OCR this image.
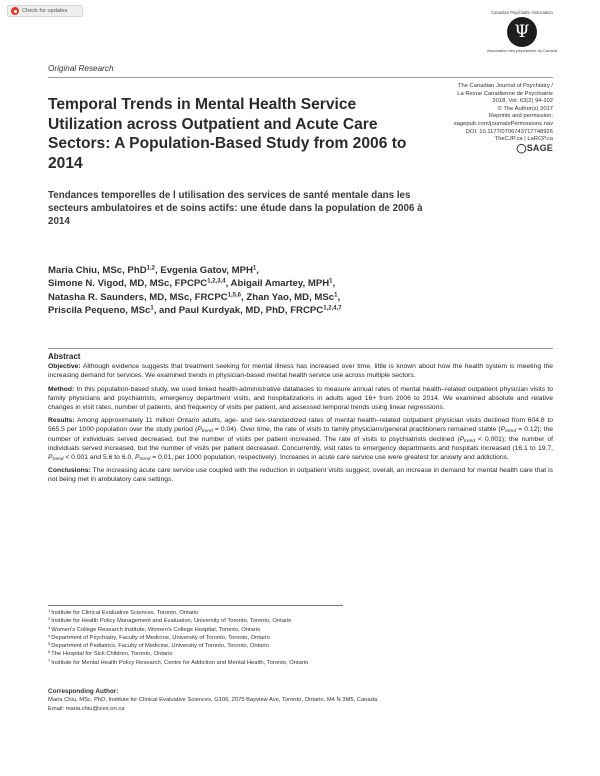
Check for updates	Canadian Psychiatric Association
Ψ
Association des psychiatres du Canada
Original Research
The Canadian Journal of Psychiatry /
La Revue Canadienne de Psychiatrie
2018, Vol. 63(2) 94-102
© The Author(s) 2017
Reprints and permission:
sagepub.com/journalsPermissions.nav
DOI: 10.1177/0706743717748926
TheCJP.ca | LaRCP.ca
◯SAGE
Temporal Trends in Mental Health Service Utilization across Outpatient and Acute Care Sectors: A Population-Based Study from 2006 to 2014
Tendances temporelles de l utilisation des services de santé mentale dans les secteurs ambulatoires et de soins actifs: une étude dans la population de 2006 à 2014
Maria Chiu, MSc, PhD$^{1,2}$, Evgenia Gatov, MPH$^1$,
Simone N. Vigod, MD, MSc, FPCPC$^{1,2,3,4}$, Abigail Amartey, MPH$^1$,
Natasha R. Saunders, MD, MSc, FRCPC$^{1,5,6}$, Zhan Yao, MD, MSc$^1$,
Priscila Pequeno, MSc$^1$, and Paul Kurdyak, MD, PhD, FRCPC$^{1,2,4,7}$

Abstract

Objective: Although evidence suggests that treatment seeking for mental illness has increased over time, little is known about how the health system is meeting the increasing demand for services. We examined trends in physician-based mental health service use across multiple sectors.

Method: In this population-based study, we used linked health-administrative databases to measure annual rates of mental health–related outpatient physician visits to family physicians and psychiatrists, emergency department visits, and hospitalizations in adults aged 16+ from 2006 to 2014. We examined absolute and relative changes in visit rates, number of patients, and frequency of visits per patient, and assessed temporal trends using linear regressions.

Results: Among approximately 11 million Ontario adults, age- and sex-standardized rates of mental health–related outpatient physician visits declined from 604.8 to 565.5 per 1000 population over the study period $(P_{trend} = 0.04)$. Over time, the rate of visits to family physicians/general practitioners remained stable $(P_{trend} = 0.12)$; the number of individuals served decreased, but the number of visits per patient increased. The rate of visits to psychiatrists declined $(P_{trend} < 0.001)$; the number of individuals served increased, but the number of visits per patient decreased. Concurrently, visit rates to emergency departments and hospitals increased (16.1 to 19.7, $P_{trend} < 0.001$ and 5.6 to 6.0, $P_{trend} = 0.01$, per 1000 population, respectively). Increases in acute care service use were greatest for anxiety and addictions.

Conclusions: The increasing acute care service use coupled with the reduction in outpatient visits suggest, overall, an increase in demand for mental health care that is not being met in ambulatory care settings.

$^1$Institute for Clinical Evaluative Sciences, Toronto, Ontario
$^2$Institute for Health Policy Management and Evaluation, University of Toronto, Toronto, Ontario
$^3$Women's College Research Institute, Women's College Hospital, Toronto, Ontario
$^4$Department of Psychiatry, Faculty of Medicine, University of Toronto, Toronto, Ontario
$^5$Department of Pediatrics, Faculty of Medicine, University of Toronto, Toronto, Ontario
$^6$The Hospital for Sick Children, Toronto, Ontario
$^7$Institute for Mental Health Policy Research, Centre for Addiction and Mental Health, Toronto, Ontario
Corresponding Author:
Maria Chiu, MSc, PhD, Institute for Clinical Evaluative Sciences, G106, 2075 Bayview Ave, Toronto, Ontario, M4 N 3M5, Canada.
Email: maria.chiu@ices.on.ca
